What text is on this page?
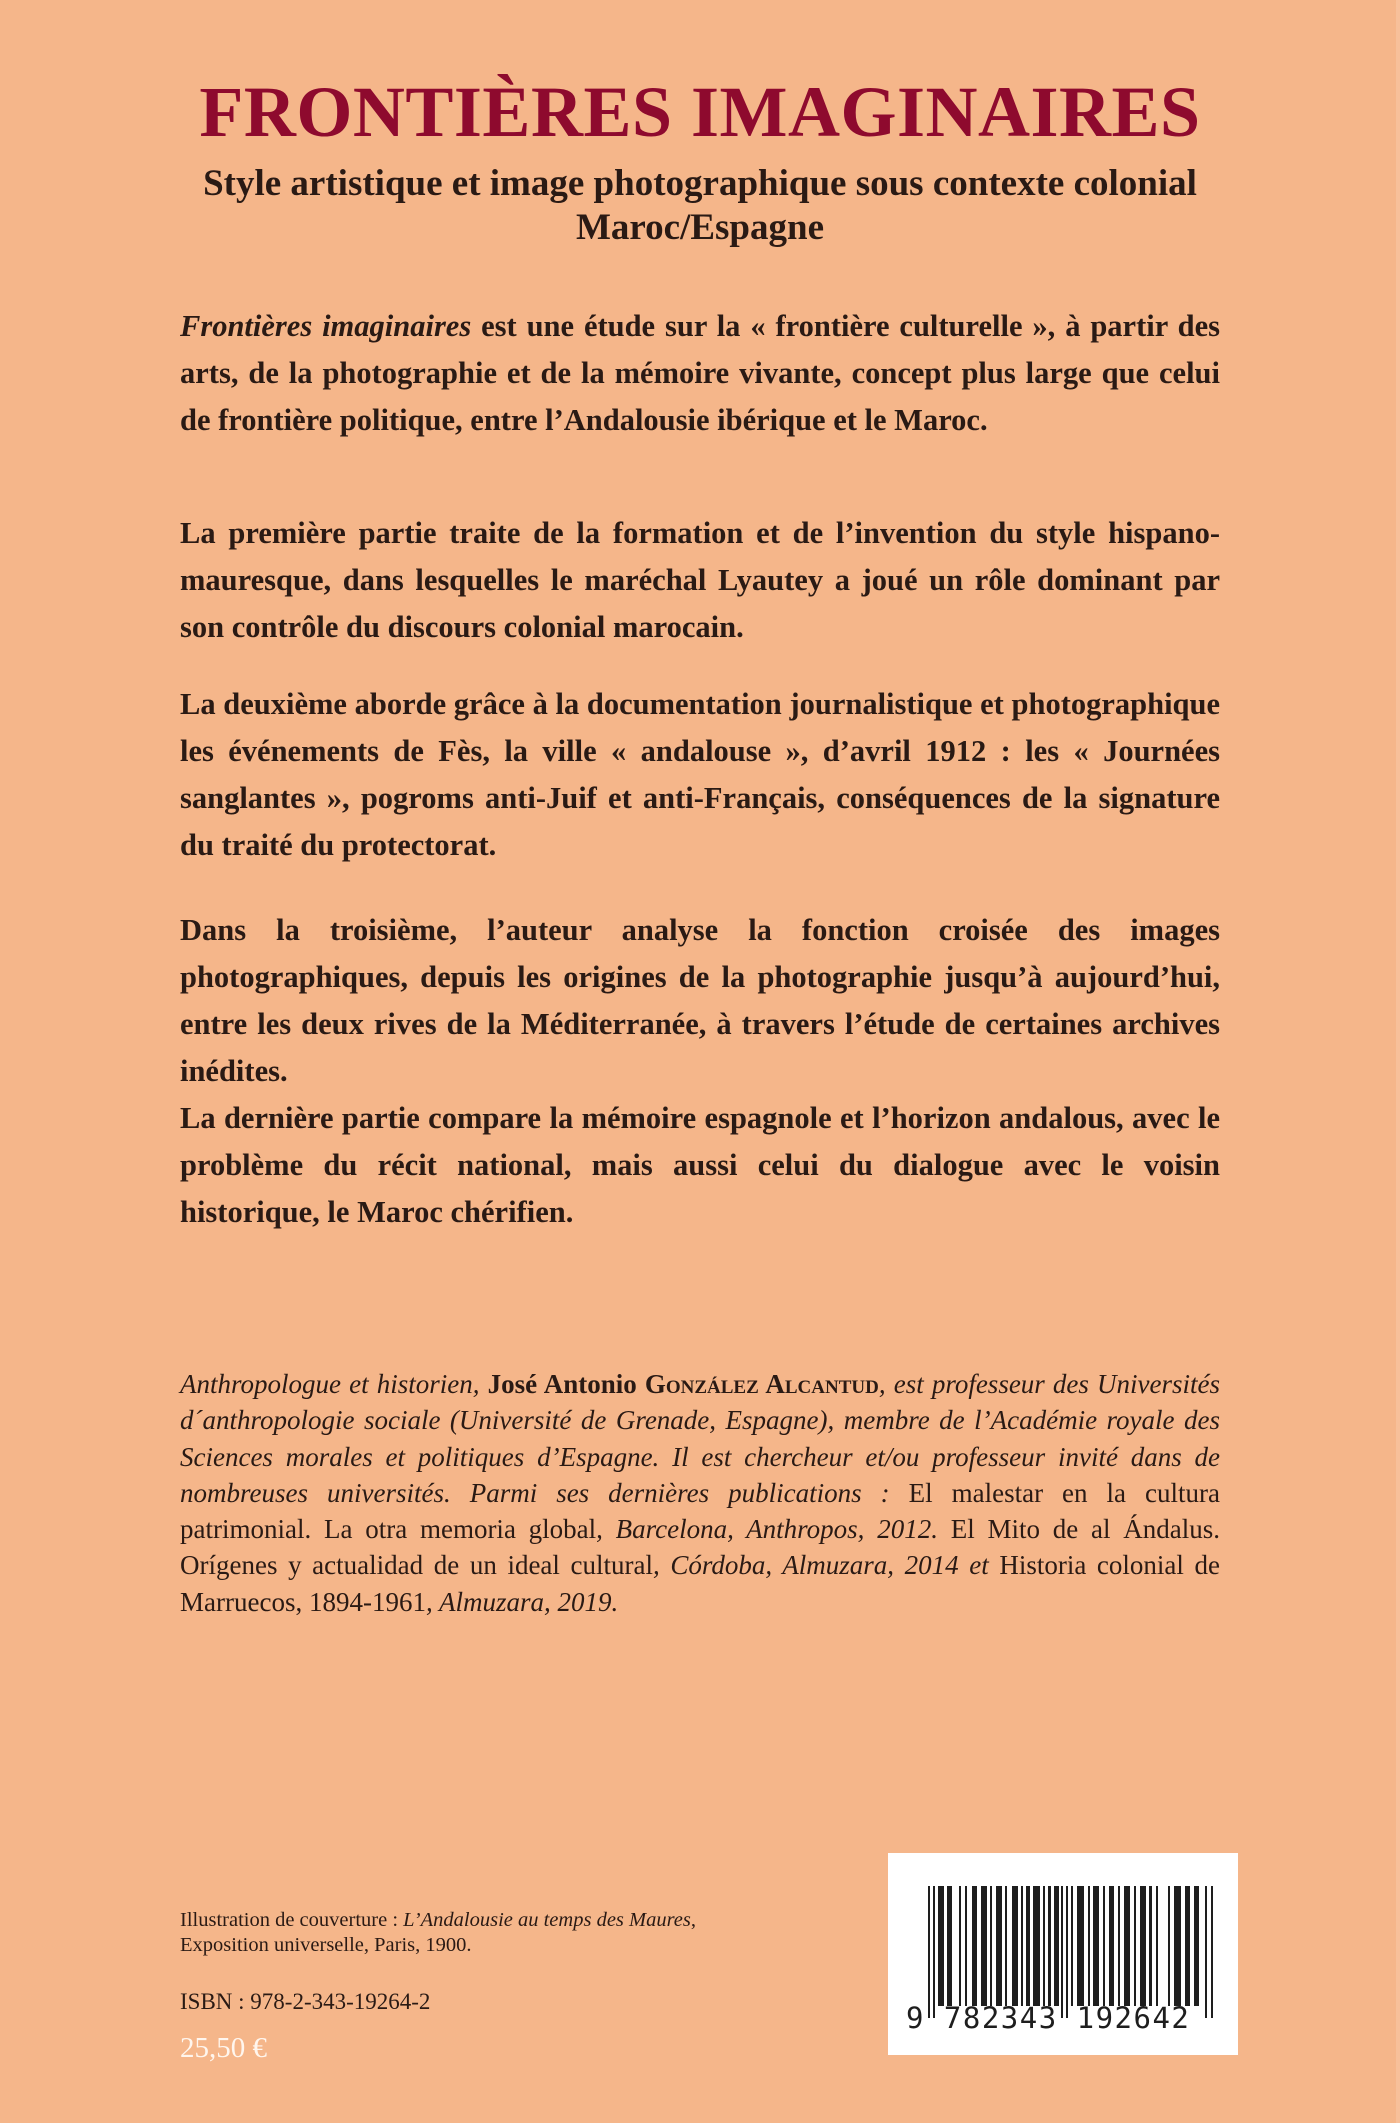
FRONTIÈRES IMAGINAIRES
Style artistique et image photographique sous contexte colonial
Maroc/Espagne

Frontières imaginaires est une étude sur la « frontière culturelle », à partir des arts, de la photographie et de la mémoire vivante, concept plus large que celui de frontière politique, entre l’Andalousie ibérique et le Maroc.

La première partie traite de la formation et de l’invention du style hispano-mauresque, dans lesquelles le maréchal Lyautey a joué un rôle dominant par son contrôle du discours colonial marocain.

La deuxième aborde grâce à la documentation journalistique et photographique les événements de Fès, la ville « andalouse », d’avril 1912 : les « Journées sanglantes », pogroms anti-Juif et anti-Français, conséquences de la signature du traité du protectorat.

Dans la troisième, l’auteur analyse la fonction croisée des images photographiques, depuis les origines de la photographie jusqu’à aujourd’hui, entre les deux rives de la Méditerranée, à travers l’étude de certaines archives inédites.

La dernière partie compare la mémoire espagnole et l’horizon andalous, avec le problème du récit national, mais aussi celui du dialogue avec le voisin historique, le Maroc chérifien.

Anthropologue et historien, José Antonio González Alcantud, est professeur des Universités d´anthropologie sociale (Université de Grenade, Espagne), membre de l’Académie royale des Sciences morales et politiques d’Espagne. Il est chercheur et/ou professeur invité dans de nombreuses universités. Parmi ses dernières publications : El malestar en la cultura patrimonial. La otra memoria global, Barcelona, Anthropos, 2012. El Mito de al Ándalus. Orígenes y actualidad de un ideal cultural, Córdoba, Almuzara, 2014 et Historia colonial de Marruecos, 1894-1961, Almuzara, 2019.

Illustration de couverture : L’Andalousie au temps des Maures, Exposition universelle, Paris, 1900.

ISBN : 978-2-343-19264-2

25,50 €

9 782343 192642
